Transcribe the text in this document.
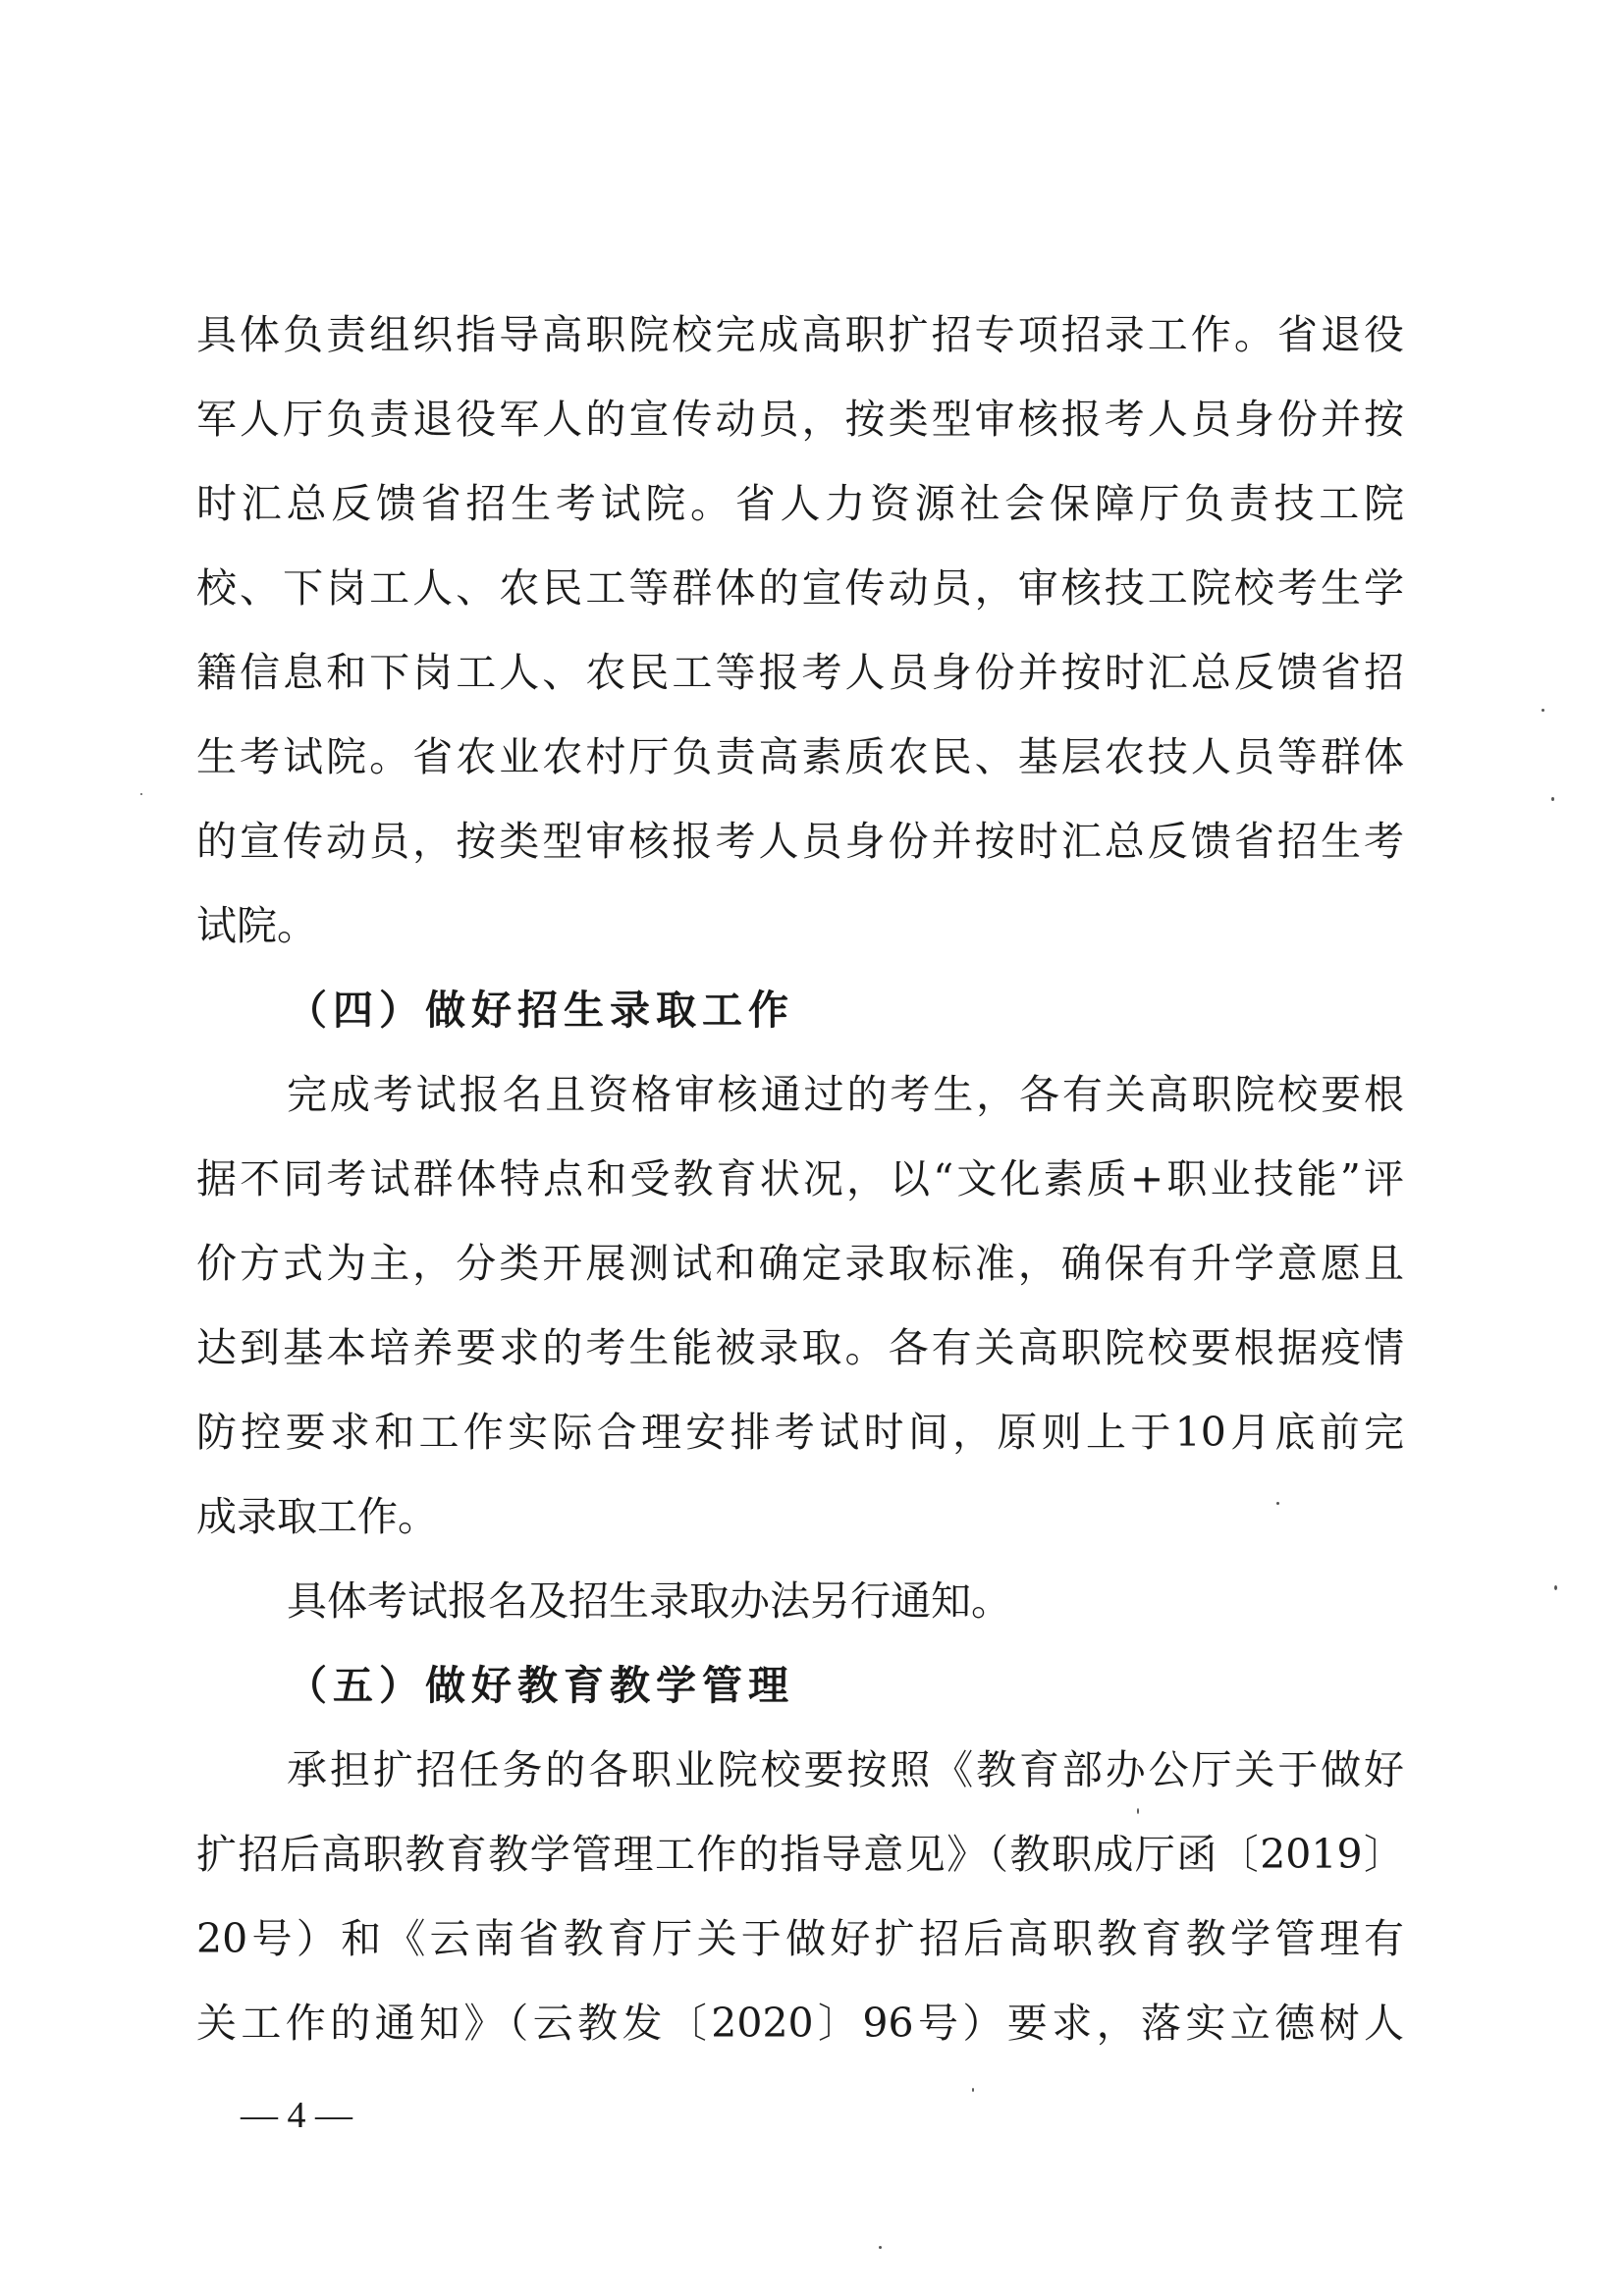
具体负责组织指导高职院校完成高职扩招专项招录工作。省退役
军人厅负责退役军人的宣传动员，按类型审核报考人员身份并按
时汇总反馈省招生考试院。省人力资源社会保障厅负责技工院
校、下岗工人、农民工等群体的宣传动员，审核技工院校考生学
籍信息和下岗工人、农民工等报考人员身份并按时汇总反馈省招
生考试院。省农业农村厅负责高素质农民、基层农技人员等群体
的宣传动员，按类型审核报考人员身份并按时汇总反馈省招生考
试院。
（四）做好招生录取工作
完成考试报名且资格审核通过的考生，各有关高职院校要根
据不同考试群体特点和受教育状况，以“文化素质+职业技能”评
价方式为主，分类开展测试和确定录取标准，确保有升学意愿且
达到基本培养要求的考生能被录取。各有关高职院校要根据疫情
防控要求和工作实际合理安排考试时间，原则上于10月底前完
成录取工作。
具体考试报名及招生录取办法另行通知。
（五）做好教育教学管理
承担扩招任务的各职业院校要按照《教育部办公厅关于做好
扩招后高职教育教学管理工作的指导意见》（教职成厅函〔2019〕
20号）和《云南省教育厅关于做好扩招后高职教育教学管理有
关工作的通知》（云教发〔2020〕96号）要求，落实立德树人
— 4 —
